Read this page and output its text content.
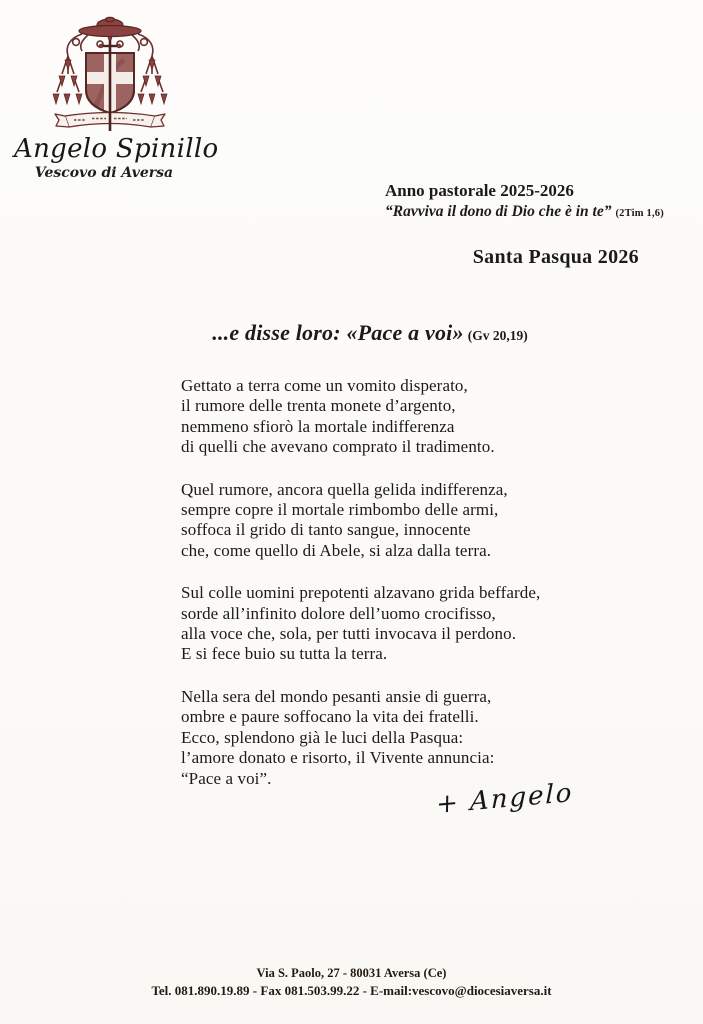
Angelo Spinillo
Vescovo di Aversa
Anno pastorale 2025-2026
“Ravviva il dono di Dio che è in te” (2Tim 1,6)
Santa Pasqua 2026
...e disse loro: «Pace a voi» (Gv 20,19)
Gettato a terra come un vomito disperato,
il rumore delle trenta monete d’argento,
nemmeno sfiorò la mortale indifferenza
di quelli che avevano comprato il tradimento.
Quel rumore, ancora quella gelida indifferenza,
sempre copre il mortale rimbombo delle armi,
soffoca il grido di tanto sangue, innocente
che, come quello di Abele, si alza dalla terra.
Sul colle uomini prepotenti alzavano grida beffarde,
sorde all’infinito dolore dell’uomo crocifisso,
alla voce che, sola, per tutti invocava il perdono.
E si fece buio su tutta la terra.
Nella sera del mondo pesanti ansie di guerra,
ombre e paure soffocano la vita dei fratelli.
Ecco, splendono già le luci della Pasqua:
l’amore donato e risorto, il Vivente annuncia:
“Pace a voi”.	+ Angelo
Via S. Paolo, 27 - 80031 Aversa (Ce)
Tel. 081.890.19.89 - Fax 081.503.99.22 - E-mail:vescovo@diocesiaversa.it
